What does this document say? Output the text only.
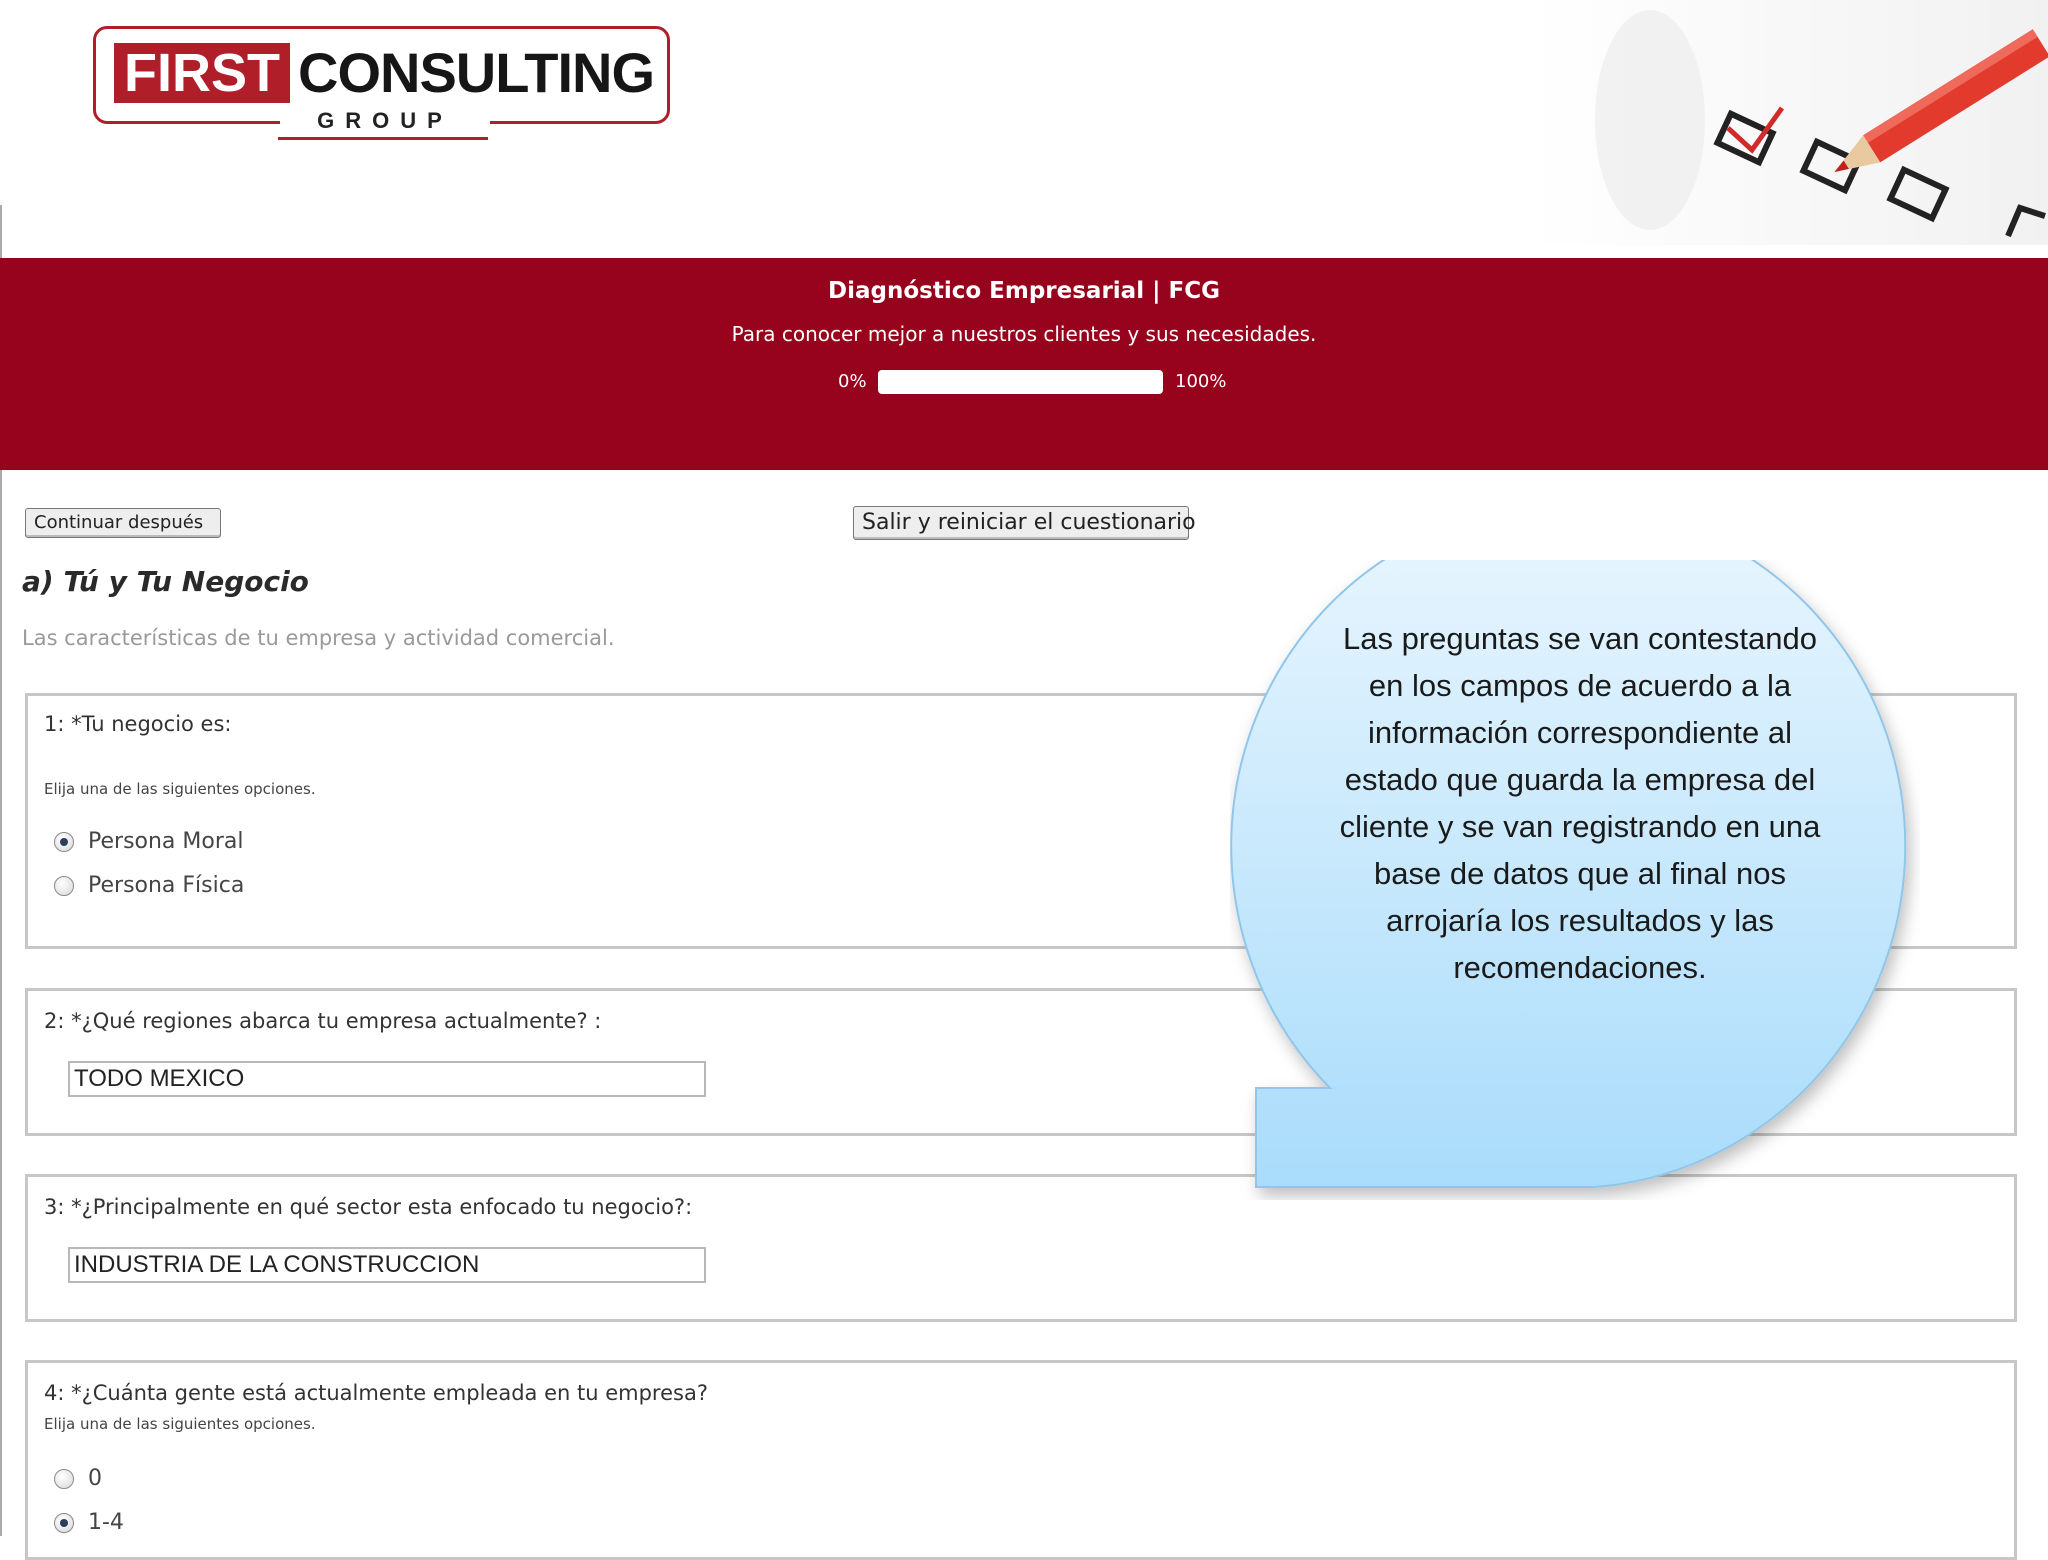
FIRST CONSULTING
GROUP
Diagnóstico Empresarial | FCG
Para conocer mejor a nuestros clientes y sus necesidades.
0%	100%
Continuar después	Salir y reiniciar el cuestionario
a) Tú y Tu Negocio
Las características de tu empresa y actividad comercial.
1: *Tu negocio es:
Elija una de las siguientes opciones.
Persona Moral
Persona Física
2: *¿Qué regiones abarca tu empresa actualmente? :
TODO MEXICO
3: *¿Principalmente en qué sector esta enfocado tu negocio?:
INDUSTRIA DE LA CONSTRUCCION
4: *¿Cuánta gente está actualmente empleada en tu empresa?
Elija una de las siguientes opciones.
0
1-4
Las preguntas se van contestando en los campos de acuerdo a la información correspondiente al estado que guarda la empresa del cliente y se van registrando en una base de datos que al final nos arrojaría los resultados y las recomendaciones.
